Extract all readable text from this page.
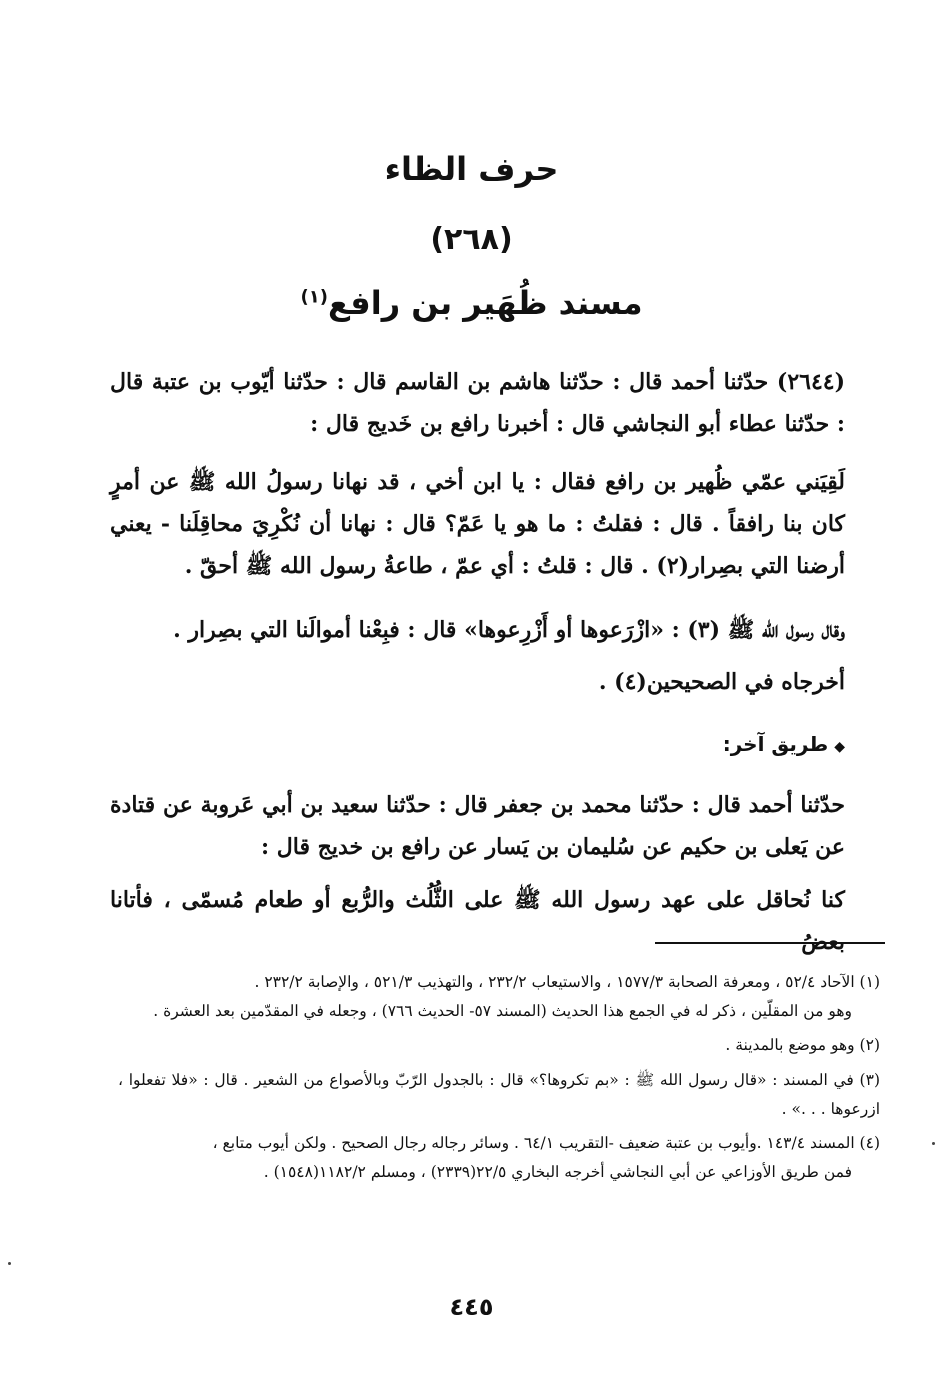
حرف الظاء
(٢٦٨)
مسند ظُهَير بن رافع$^{(١)}$

(٢٦٤٤) حدّثنا أحمد قال : حدّثنا هاشم بن القاسم قال : حدّثنا أيّوب بن عتبة قال : حدّثنا عطاء أبو النجاشي قال : أخبرنا رافع بن خَديج قال :

لَقِيَني عمّي ظُهير بن رافع فقال : يا ابن أخي ، قد نهانا رسولُ الله ﷺ عن أمرٍ كان بنا رافقاً . قال : فقلتُ : ما هو يا عَمّ؟ قال : نهانا أن نُكْرِيَ محاقِلَنا - يعني أرضنا التي بصِرار(٢) . قال : قلتُ : أي عمّ ، طاعةُ رسول الله ﷺ أحقّ .

وقال رسول الله ﷺ (٣) : «ازْرَعوها أو أَزْرِعوها» قال : فبِعْنا أموالَنا التي بصِرار .

أخرجاه في الصحيحين(٤) .

◆طريق آخر:

حدّثنا أحمد قال : حدّثنا محمد بن جعفر قال : حدّثنا سعيد بن أبي عَروبة عن قتادة عن يَعلى بن حكيم عن سُليمان بن يَسار عن رافع بن خديج قال :

كنا نُحاقل على عهد رسول الله ﷺ على الثُّلُث والرُّبع أو طعام مُسمّى ، فأتانا بعضُ

(١) الآحاد ٥٢/٤ ، ومعرفة الصحابة ١٥٧٧/٣ ، والاستيعاب ٢٣٢/٢ ، والتهذيب ٥٢١/٣ ، والإصابة ٢٣٢/٢ .
وهو من المقلّين ، ذكر له في الجمع هذا الحديث (المسند ٥٧- الحديث ٧٦٦) ، وجعله في المقدّمين بعد العشرة .
(٢) وهو موضع بالمدينة .
(٣) في المسند : «قال رسول الله ﷺ : «بم تكروها؟» قال : بالجدول الرّبّ وبالأصواع من الشعير . قال : «فلا تفعلوا ، ازرعوها . . .» .
(٤) المسند ١٤٣/٤ .وأيوب بن عتبة ضعيف -التقريب ٦٤/١ . وسائر رجاله رجال الصحيح . ولكن أيوب متابع ،
فمن طريق الأوزاعي عن أبي النجاشي أخرجه البخاري ٢٢/٥(٢٣٣٩) ، ومسلم ١١٨٢/٢(١٥٤٨) .
٤٤٥
